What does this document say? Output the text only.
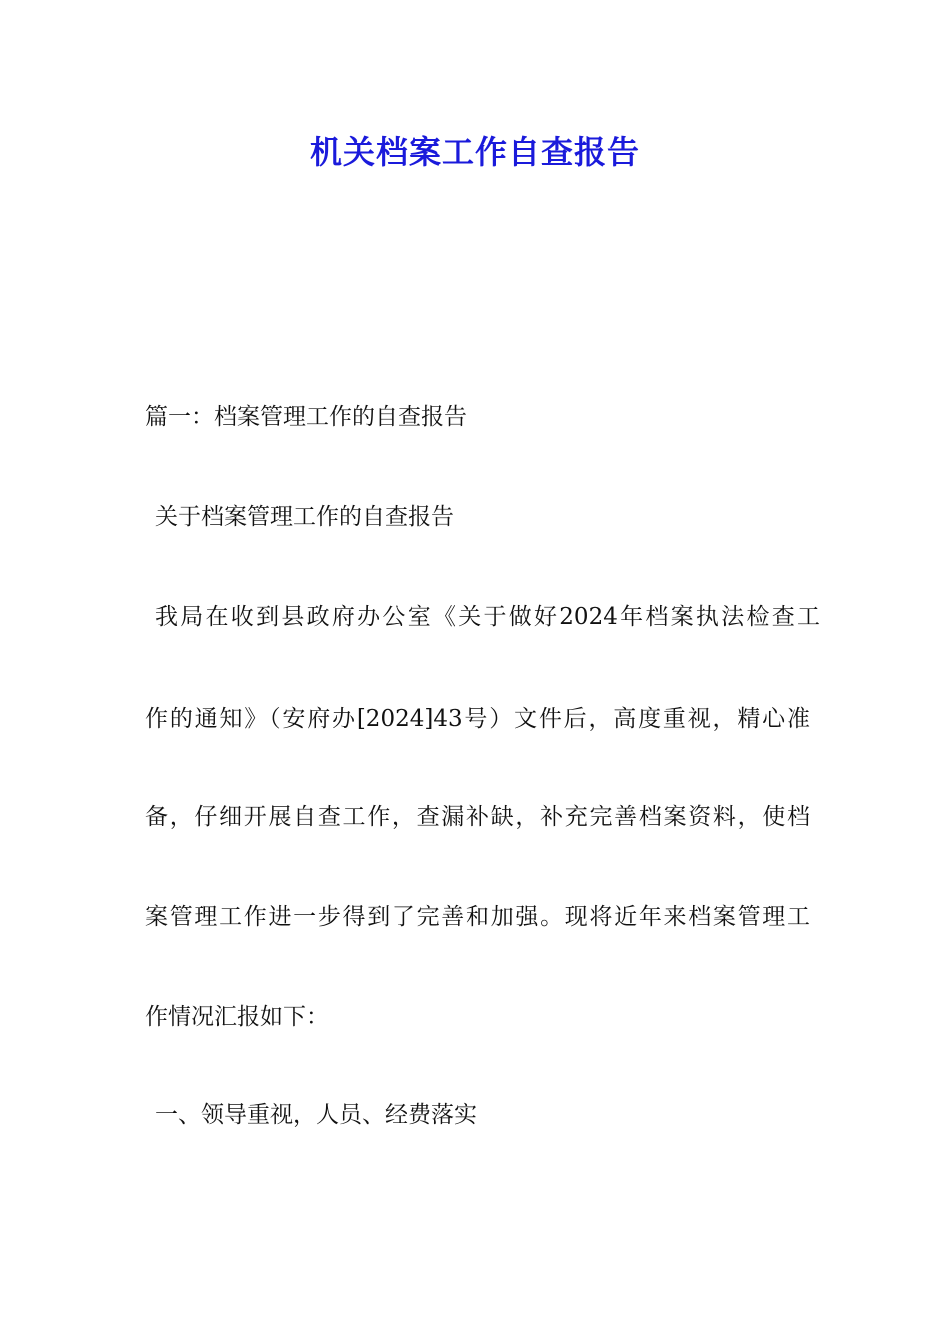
机关档案工作自查报告
篇一：档案管理工作的自查报告
关于档案管理工作的自查报告
我局在收到县政府办公室《关于做好2024年档案执法检查工
作的通知》（安府办[2024]43号）文件后，高度重视，精心准
备，仔细开展自查工作，查漏补缺，补充完善档案资料，使档
案管理工作进一步得到了完善和加强。现将近年来档案管理工
作情况汇报如下：
一、领导重视，人员、经费落实
